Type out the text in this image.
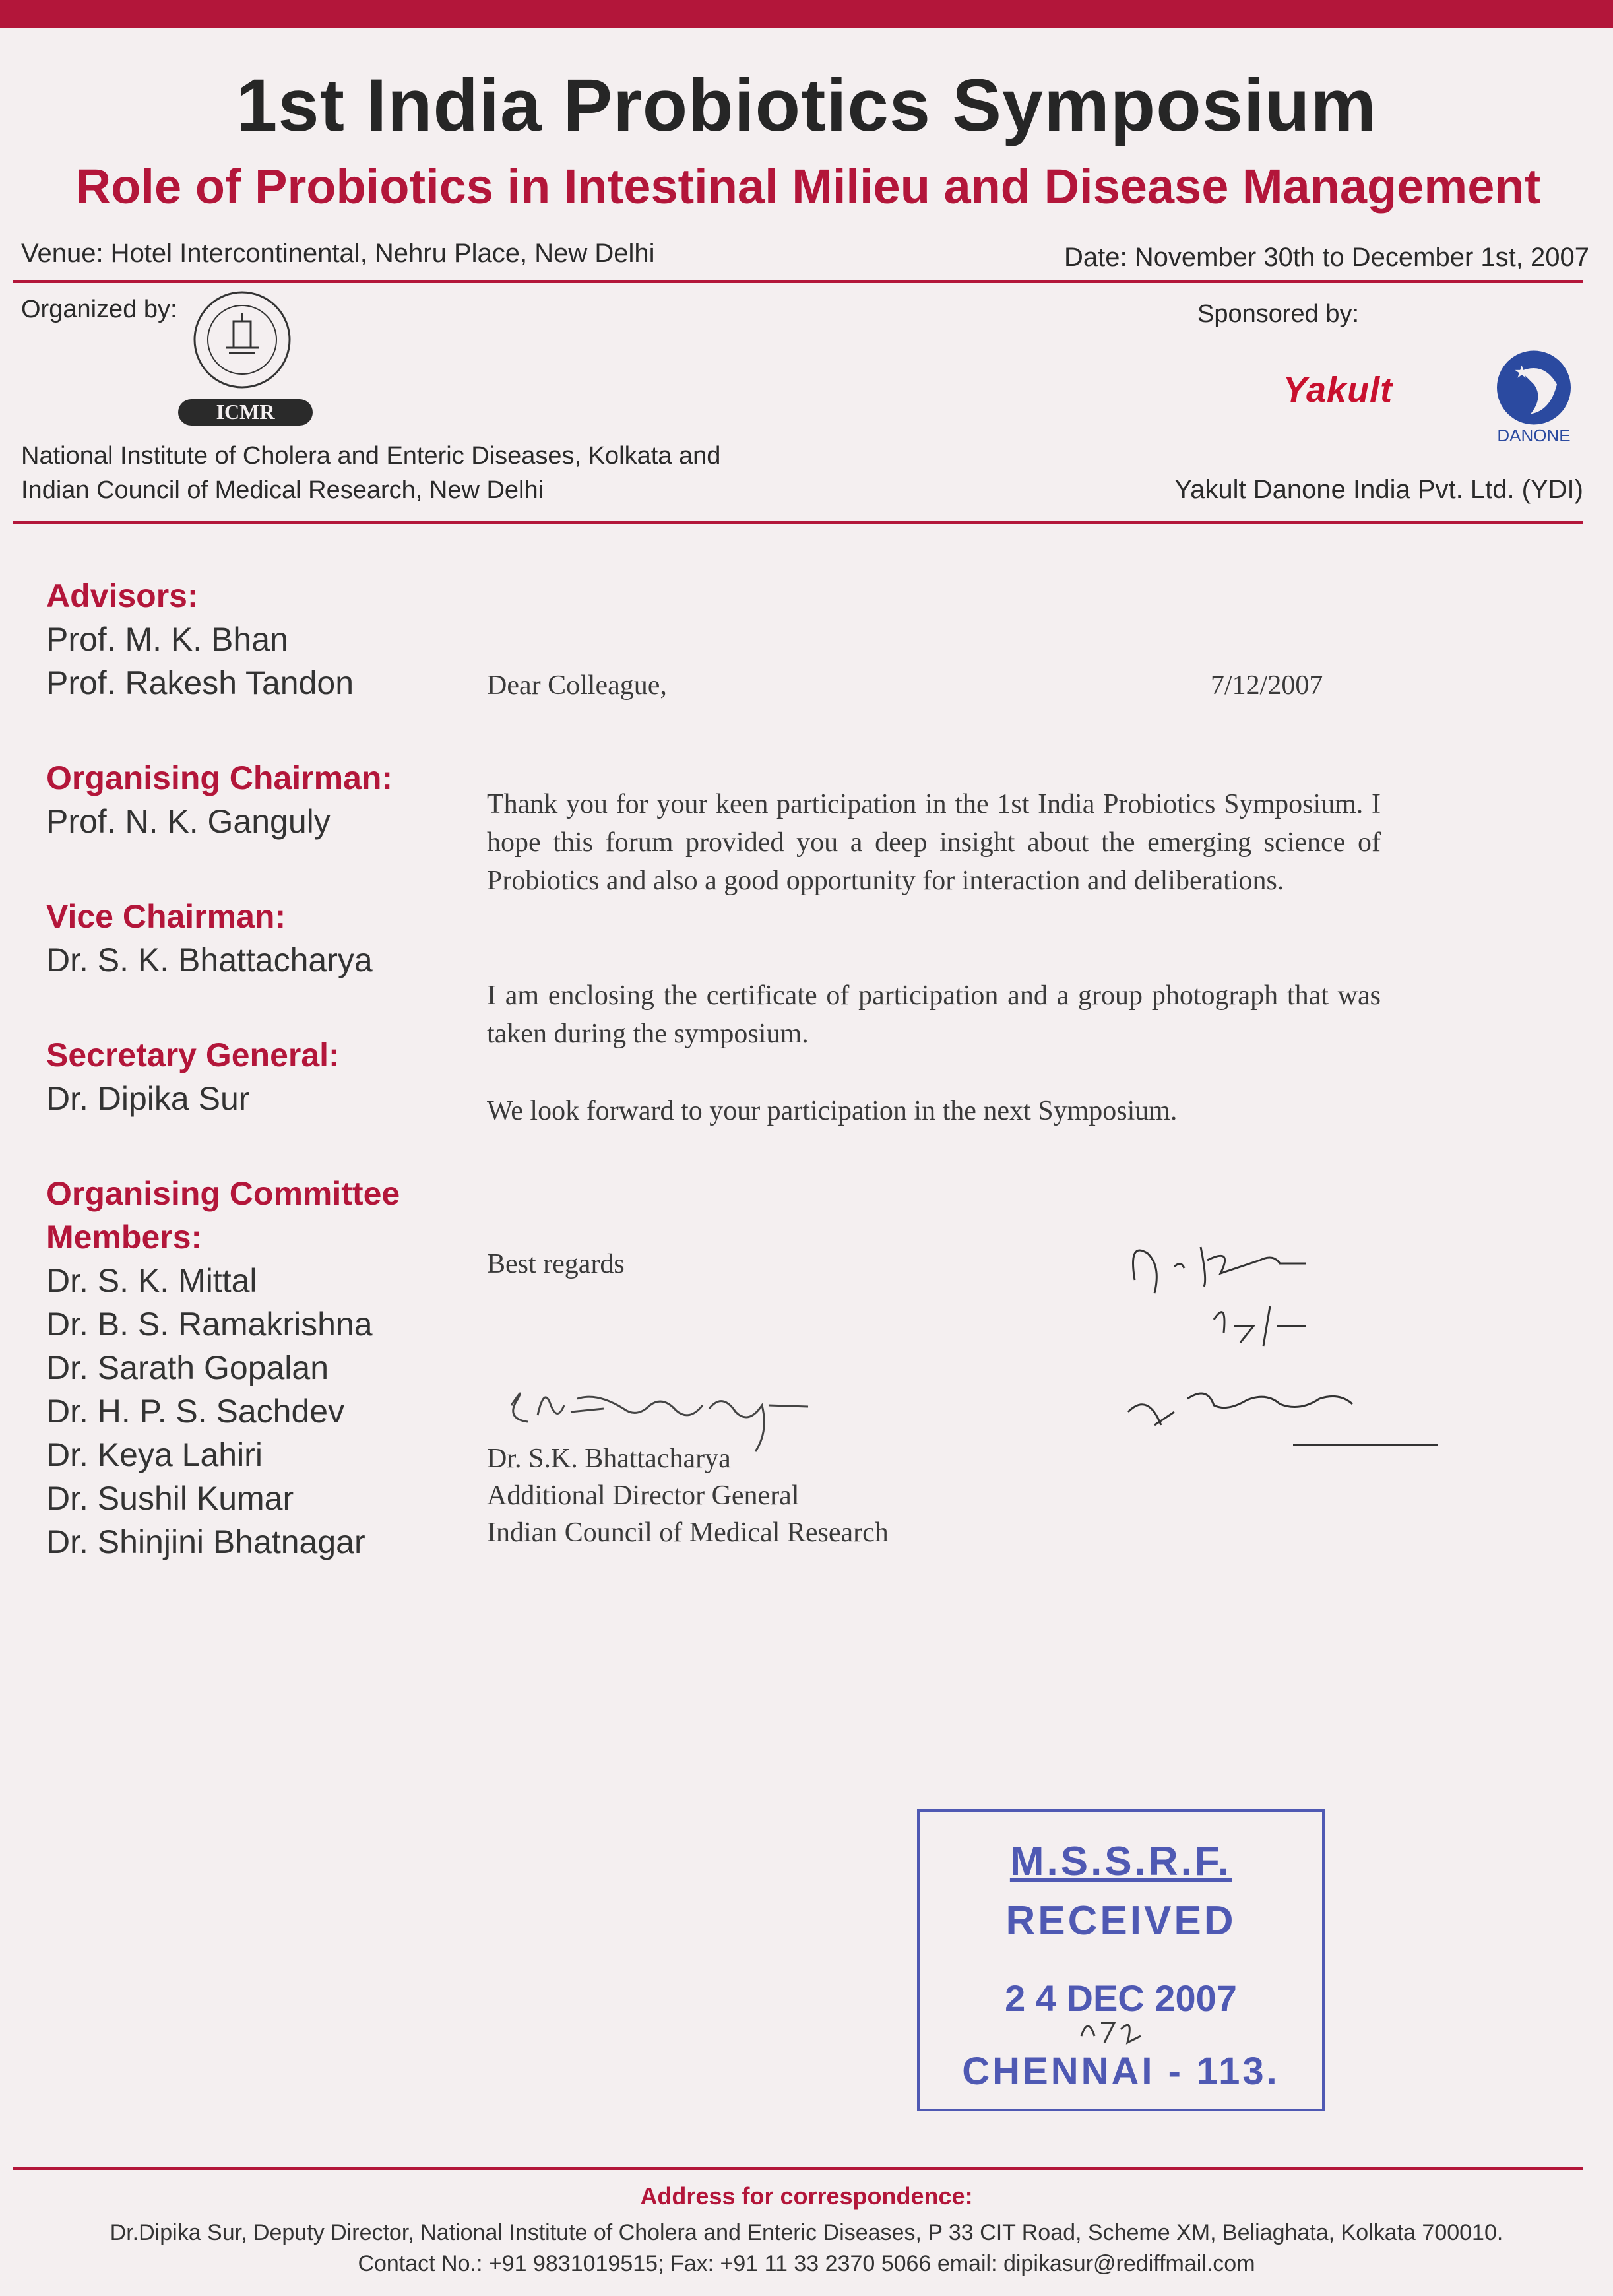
1st India Probiotics Symposium
Role of Probiotics in Intestinal Milieu and Disease Management
Venue: Hotel Intercontinental, Nehru Place, New Delhi	Date: November 30th to December 1st, 2007
Organized by:
ICMR
National Institute of Cholera and Enteric Diseases, Kolkata and
Indian Council of Medical Research, New Delhi
Sponsored by:
Yakult	★
DANONE
Yakult Danone India Pvt. Ltd. (YDI)
Advisors:
Prof. M. K. Bhan
Prof. Rakesh Tandon
Organising Chairman:
Prof. N. K. Ganguly
Vice Chairman:
Dr. S. K. Bhattacharya
Secretary General:
Dr. Dipika Sur
Organising Committee
Members:
Dr. S. K. Mittal
Dr. B. S. Ramakrishna
Dr. Sarath Gopalan
Dr. H. P. S. Sachdev
Dr. Keya Lahiri
Dr. Sushil Kumar
Dr. Shinjini Bhatnagar
Dear Colleague,	7/12/2007
Thank you for your keen participation in the 1st India Probiotics Symposium. I hope this forum provided you a deep insight about the emerging science of Probiotics and also a good opportunity for interaction and deliberations.
I am enclosing the certificate of participation and a group photograph that was taken during the symposium.
We look forward to your participation in the next Symposium.
Best regards
Dr. S.K. Bhattacharya
Additional Director General
Indian Council of Medical Research
M.S.S.R.F.
RECEIVED
2 4 DEC 2007
CHENNAI - 113.
Address for correspondence:
Dr.Dipika Sur, Deputy Director, National Institute of Cholera and Enteric Diseases, P 33 CIT Road, Scheme XM, Beliaghata, Kolkata 700010.
Contact No.: +91 9831019515; Fax: +91 11 33 2370 5066 email: dipikasur@rediffmail.com
